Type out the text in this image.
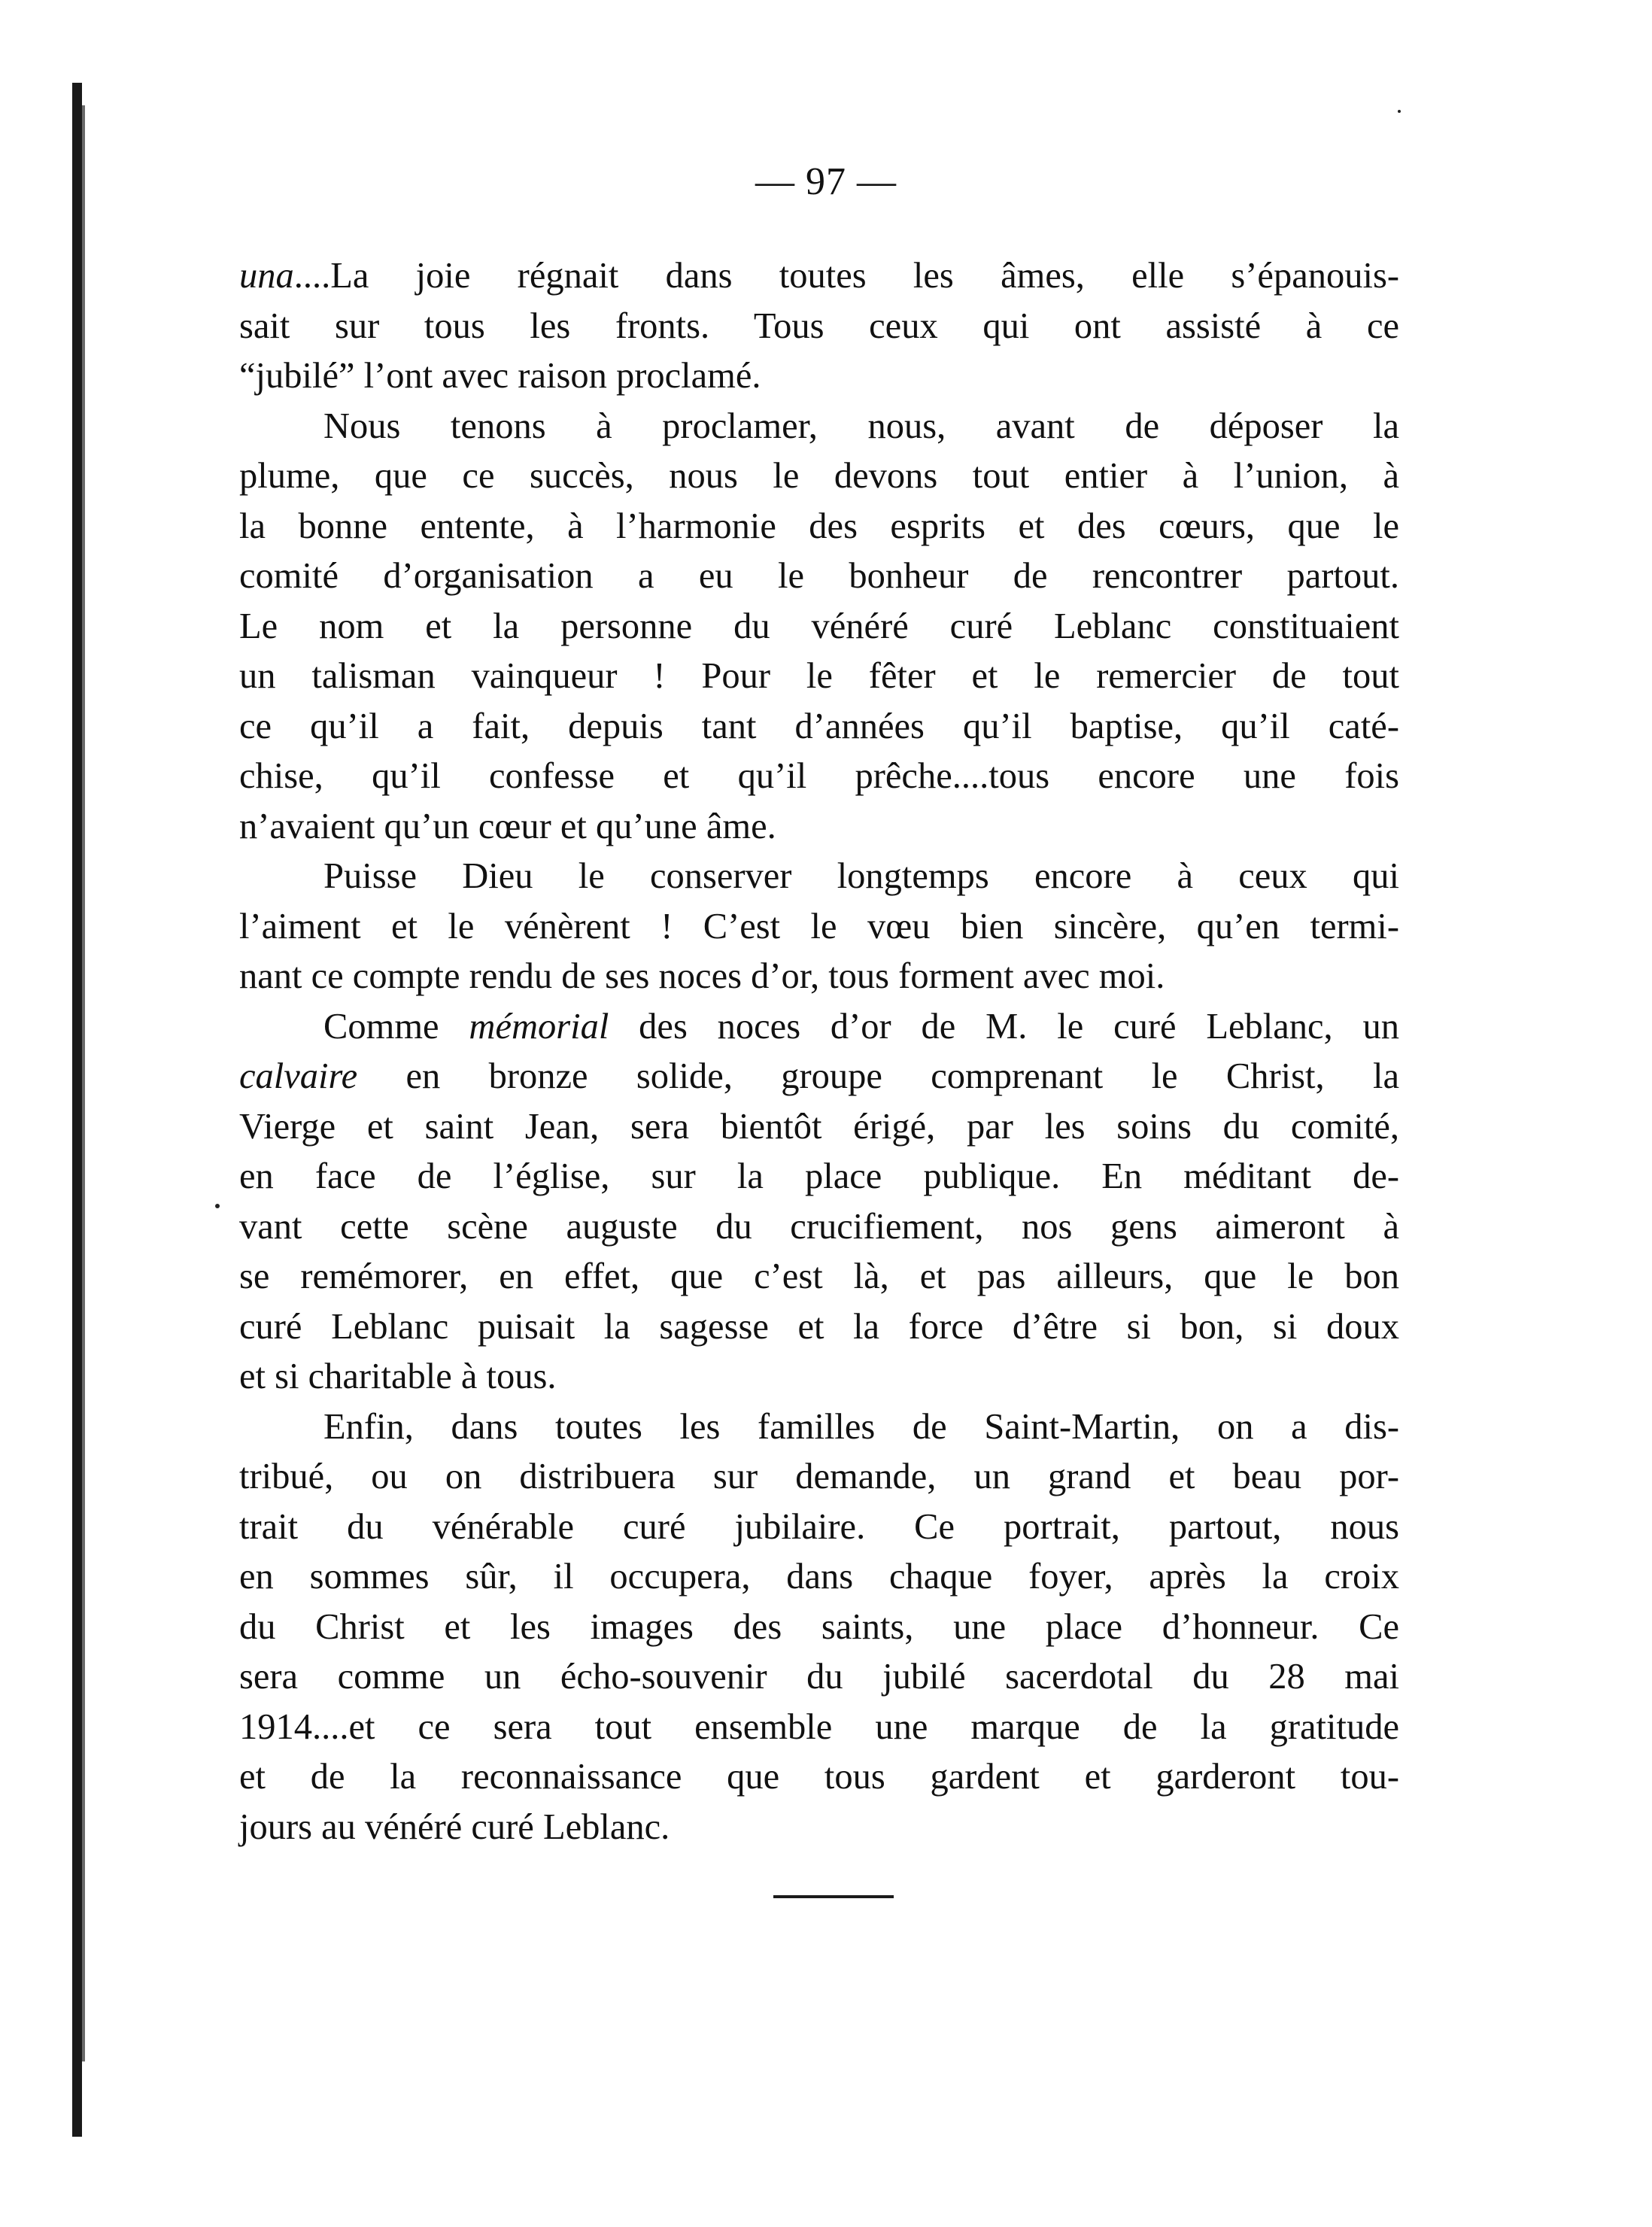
— 97 —

una....La joie régnait dans toutes les âmes, elle s’épanouis-
sait sur tous les fronts. Tous ceux qui ont assisté à ce
“jubilé” l’ont avec raison proclamé.

Nous tenons à proclamer, nous, avant de déposer la
plume, que ce succès, nous le devons tout entier à l’union, à
la bonne entente, à l’harmonie des esprits et des cœurs, que le
comité d’organisation a eu le bonheur de rencontrer partout.
Le nom et la personne du vénéré curé Leblanc constituaient
un talisman vainqueur ! Pour le fêter et le remercier de tout
ce qu’il a fait, depuis tant d’années qu’il baptise, qu’il caté-
chise, qu’il confesse et qu’il prêche....tous encore une fois
n’avaient qu’un cœur et qu’une âme.

Puisse Dieu le conserver longtemps encore à ceux qui
l’aiment et le vénèrent ! C’est le vœu bien sincère, qu’en termi-
nant ce compte rendu de ses noces d’or, tous forment avec moi.

Comme mémorial des noces d’or de M. le curé Leblanc, un
calvaire en bronze solide, groupe comprenant le Christ, la
Vierge et saint Jean, sera bientôt érigé, par les soins du comité,
en face de l’église, sur la place publique. En méditant de-
vant cette scène auguste du crucifiement, nos gens aimeront à
se remémorer, en effet, que c’est là, et pas ailleurs, que le bon
curé Leblanc puisait la sagesse et la force d’être si bon, si doux
et si charitable à tous.

Enfin, dans toutes les familles de Saint-Martin, on a dis-
tribué, ou on distribuera sur demande, un grand et beau por-
trait du vénérable curé jubilaire. Ce portrait, partout, nous
en sommes sûr, il occupera, dans chaque foyer, après la croix
du Christ et les images des saints, une place d’honneur. Ce
sera comme un écho-souvenir du jubilé sacerdotal du 28 mai
1914....et ce sera tout ensemble une marque de la gratitude
et de la reconnaissance que tous gardent et garderont tou-
jours au vénéré curé Leblanc.
